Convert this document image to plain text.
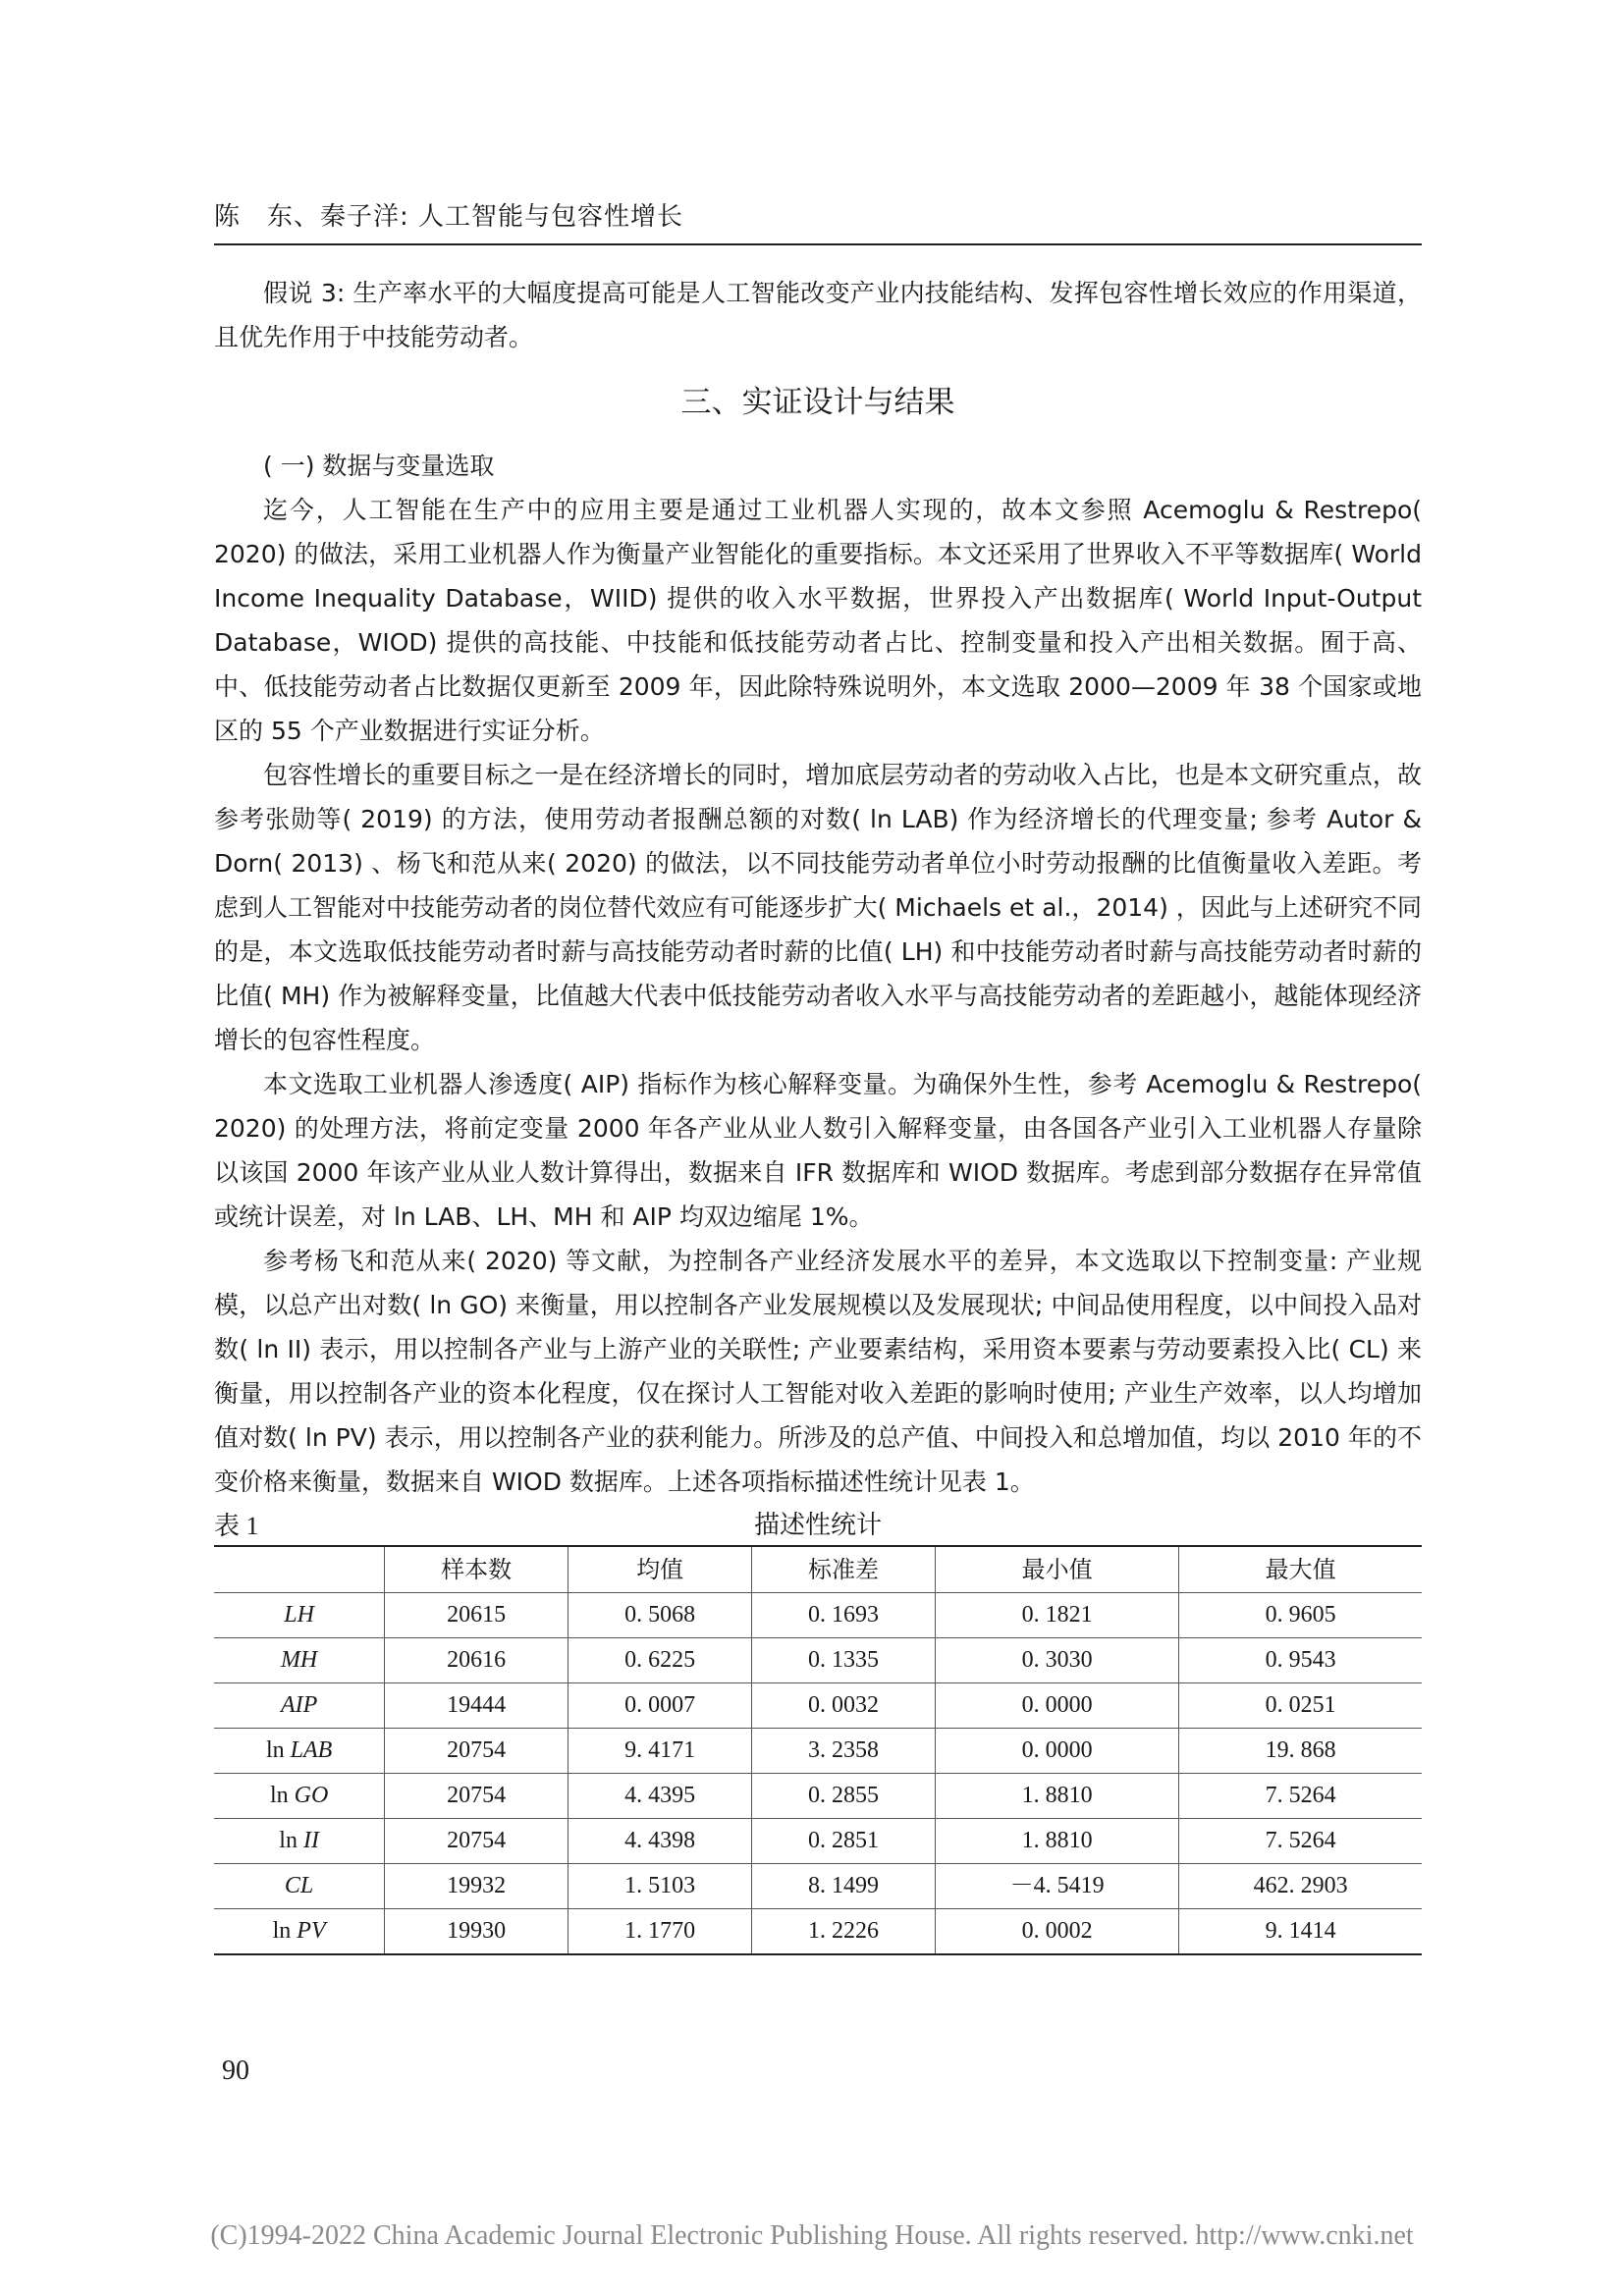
陈　东、秦子洋: 人工智能与包容性增长

假说 3: 生产率水平的大幅度提高可能是人工智能改变产业内技能结构、发挥包容性增长效应的作用渠道，且优先作用于中技能劳动者。

三、实证设计与结果

( 一) 数据与变量选取

迄今，人工智能在生产中的应用主要是通过工业机器人实现的，故本文参照 Acemoglu & Restrepo( 2020) 的做法，采用工业机器人作为衡量产业智能化的重要指标。本文还采用了世界收入不平等数据库( World Income Inequality Database，WIID) 提供的收入水平数据，世界投入产出数据库( World Input-Output Database，WIOD) 提供的高技能、中技能和低技能劳动者占比、控制变量和投入产出相关数据。囿于高、中、低技能劳动者占比数据仅更新至 2009 年，因此除特殊说明外，本文选取 2000—2009 年 38 个国家或地区的 55 个产业数据进行实证分析。

包容性增长的重要目标之一是在经济增长的同时，增加底层劳动者的劳动收入占比，也是本文研究重点，故参考张勋等( 2019) 的方法，使用劳动者报酬总额的对数( ln LAB) 作为经济增长的代理变量; 参考 Autor & Dorn( 2013) 、杨飞和范从来( 2020) 的做法，以不同技能劳动者单位小时劳动报酬的比值衡量收入差距。考虑到人工智能对中技能劳动者的岗位替代效应有可能逐步扩大( Michaels et al.，2014) ，因此与上述研究不同的是，本文选取低技能劳动者时薪与高技能劳动者时薪的比值( LH) 和中技能劳动者时薪与高技能劳动者时薪的比值( MH) 作为被解释变量，比值越大代表中低技能劳动者收入水平与高技能劳动者的差距越小，越能体现经济增长的包容性程度。

本文选取工业机器人渗透度( AIP) 指标作为核心解释变量。为确保外生性，参考 Acemoglu & Restrepo( 2020) 的处理方法，将前定变量 2000 年各产业从业人数引入解释变量，由各国各产业引入工业机器人存量除以该国 2000 年该产业从业人数计算得出，数据来自 IFR 数据库和 WIOD 数据库。考虑到部分数据存在异常值或统计误差，对 ln LAB、LH、MH 和 AIP 均双边缩尾 1%。

参考杨飞和范从来( 2020) 等文献，为控制各产业经济发展水平的差异，本文选取以下控制变量: 产业规模，以总产出对数( ln GO) 来衡量，用以控制各产业发展规模以及发展现状; 中间品使用程度，以中间投入品对数( ln II) 表示，用以控制各产业与上游产业的关联性; 产业要素结构，采用资本要素与劳动要素投入比( CL) 来衡量，用以控制各产业的资本化程度，仅在探讨人工智能对收入差距的影响时使用; 产业生产效率，以人均增加值对数( ln PV) 表示，用以控制各产业的获利能力。所涉及的总产值、中间投入和总增加值，均以 2010 年的不变价格来衡量，数据来自 WIOD 数据库。上述各项指标描述性统计见表 1。

表 1	描述性统计
	样本数	均值	标准差	最小值	最大值
LH	20615	0. 5068	0. 1693	0. 1821	0. 9605
MH	20616	0. 6225	0. 1335	0. 3030	0. 9543
AIP	19444	0. 0007	0. 0032	0. 0000	0. 0251
ln LAB	20754	9. 4171	3. 2358	0. 0000	19. 868
ln GO	20754	4. 4395	0. 2855	1. 8810	7. 5264
ln II	20754	4. 4398	0. 2851	1. 8810	7. 5264
CL	19932	1. 5103	8. 1499	－4. 5419	462. 2903
ln PV	19930	1. 1770	1. 2226	0. 0002	9. 1414
90
(C)1994-2022 China Academic Journal Electronic Publishing House. All rights reserved. http://www.cnki.net
